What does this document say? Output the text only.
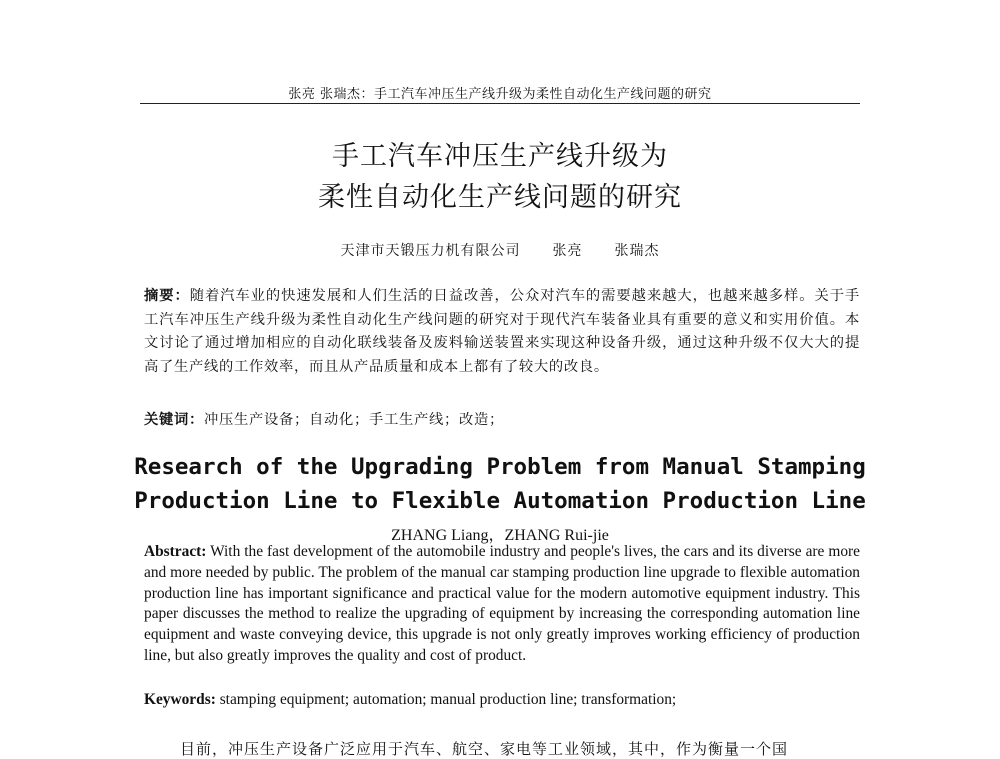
张亮 张瑞杰：手工汽车冲压生产线升级为柔性自动化生产线问题的研究
手工汽车冲压生产线升级为
柔性自动化生产线问题的研究
天津市天锻压力机有限公司 张亮 张瑞杰
摘要：随着汽车业的快速发展和人们生活的日益改善，公众对汽车的需要越来越大，也越来越多样。关于手工汽车冲压生产线升级为柔性自动化生产线问题的研究对于现代汽车装备业具有重要的意义和实用价值。本文讨论了通过增加相应的自动化联线装备及废料输送装置来实现这种设备升级，通过这种升级不仅大大的提高了生产线的工作效率，而且从产品质量和成本上都有了较大的改良。
关键词：冲压生产设备；自动化；手工生产线；改造；
Research of the Upgrading Problem from Manual Stamping
Production Line to Flexible Automation Production Line
ZHANG Liang，ZHANG Rui-jie
Abstract: With the fast development of the automobile industry and people's lives, the cars and its diverse are more and more needed by public. The problem of the manual car stamping production line upgrade to flexible automation production line has important significance and practical value for the modern automotive equipment industry. This paper discusses the method to realize the upgrading of equipment by increasing the corresponding automation line equipment and waste conveying device, this upgrade is not only greatly improves working efficiency of production line, but also greatly improves the quality and cost of product.
Keywords: stamping equipment; automation; manual production line; transformation;
目前，冲压生产设备广泛应用于汽车、航空、家电等工业领域，其中，作为衡量一个国
